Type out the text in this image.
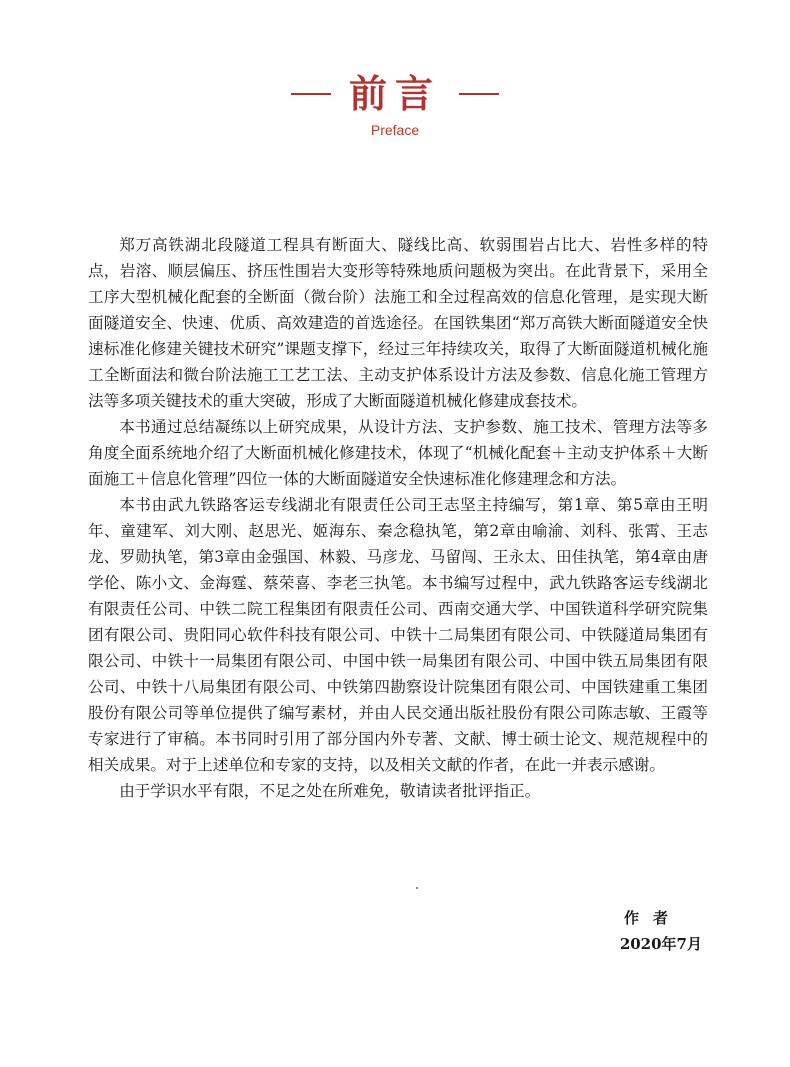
前言
Preface

郑万高铁湖北段隧道工程具有断面大、隧线比高、软弱围岩占比大、岩性多样的特点，岩溶、顺层偏压、挤压性围岩大变形等特殊地质问题极为突出。在此背景下，采用全工序大型机械化配套的全断面（微台阶）法施工和全过程高效的信息化管理，是实现大断面隧道安全、快速、优质、高效建造的首选途径。在国铁集团“郑万高铁大断面隧道安全快速标准化修建关键技术研究”课题支撑下，经过三年持续攻关，取得了大断面隧道机械化施工全断面法和微台阶法施工工艺工法、主动支护体系设计方法及参数、信息化施工管理方法等多项关键技术的重大突破，形成了大断面隧道机械化修建成套技术。

本书通过总结凝练以上研究成果，从设计方法、支护参数、施工技术、管理方法等多角度全面系统地介绍了大断面机械化修建技术，体现了“机械化配套＋主动支护体系＋大断面施工＋信息化管理”四位一体的大断面隧道安全快速标准化修建理念和方法。

本书由武九铁路客运专线湖北有限责任公司王志坚主持编写，第1章、第5章由王明年、童建军、刘大刚、赵思光、姬海东、秦念稳执笔，第2章由喻渝、刘科、张霄、王志龙、罗勋执笔，第3章由金强国、林毅、马彦龙、马留闯、王永太、田佳执笔，第4章由唐学伦、陈小文、金海霆、蔡荣喜、李老三执笔。本书编写过程中，武九铁路客运专线湖北有限责任公司、中铁二院工程集团有限责任公司、西南交通大学、中国铁道科学研究院集团有限公司、贵阳同心软件科技有限公司、中铁十二局集团有限公司、中铁隧道局集团有限公司、中铁十一局集团有限公司、中国中铁一局集团有限公司、中国中铁五局集团有限公司、中铁十八局集团有限公司、中铁第四勘察设计院集团有限公司、中国铁建重工集团股份有限公司等单位提供了编写素材，并由人民交通出版社股份有限公司陈志敏、王霞等专家进行了审稿。本书同时引用了部分国内外专著、文献、博士硕士论文、规范规程中的相关成果。对于上述单位和专家的支持，以及相关文献的作者，在此一并表示感谢。

由于学识水平有限，不足之处在所难免，敬请读者批评指正。

作者
2020年7月
